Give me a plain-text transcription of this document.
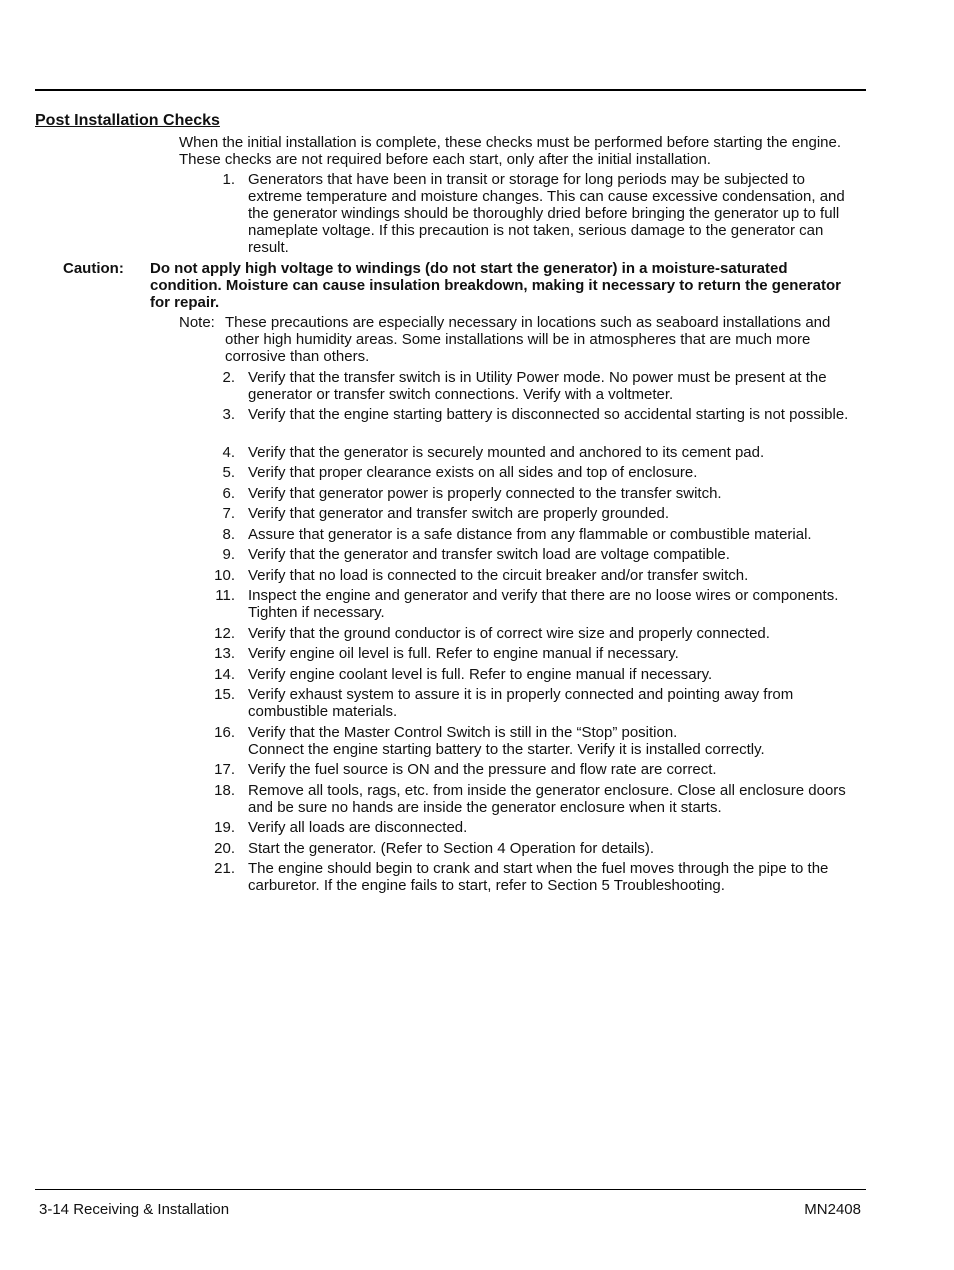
Post Installation Checks

When the initial installation is complete, these checks must be performed before starting the engine. These checks are not required before each start, only after the initial installation.

1. Generators that have been in transit or storage for long periods may be subjected to extreme temperature and moisture changes. This can cause excessive condensation, and the generator windings should be thoroughly dried before bringing the generator up to full nameplate voltage. If this precaution is not taken, serious damage to the generator can result.
Caution: Do not apply high voltage to windings (do not start the generator) in a moisture-saturated condition. Moisture can cause insulation breakdown, making it necessary to return the generator for repair.
Note: These precautions are especially necessary in locations such as seaboard installations and other high humidity areas. Some installations will be in atmospheres that are much more corrosive than others.
2. Verify that the transfer switch is in Utility Power mode. No power must be present at the generator or transfer switch connections. Verify with a voltmeter.
3. Verify that the engine starting battery is disconnected so accidental starting is not possible.
4. Verify that the generator is securely mounted and anchored to its cement pad.
5. Verify that proper clearance exists on all sides and top of enclosure.
6. Verify that generator power is properly connected to the transfer switch.
7. Verify that generator and transfer switch are properly grounded.
8. Assure that generator is a safe distance from any flammable or combustible material.
9. Verify that the generator and transfer switch load are voltage compatible.
10. Verify that no load is connected to the circuit breaker and/or transfer switch.
11. Inspect the engine and generator and verify that there are no loose wires or components. Tighten if necessary.
12. Verify that the ground conductor is of correct wire size and properly connected.
13. Verify engine oil level is full. Refer to engine manual if necessary.
14. Verify engine coolant level is full. Refer to engine manual if necessary.
15. Verify exhaust system to assure it is in properly connected and pointing away from combustible materials.
16. Verify that the Master Control Switch is still in the “Stop” position.
Connect the engine starting battery to the starter. Verify it is installed correctly.
17. Verify the fuel source is ON and the pressure and flow rate are correct.
18. Remove all tools, rags, etc. from inside the generator enclosure. Close all enclosure doors and be sure no hands are inside the generator enclosure when it starts.
19. Verify all loads are disconnected.
20. Start the generator. (Refer to Section 4 Operation for details).
21. The engine should begin to crank and start when the fuel moves through the pipe to the carburetor. If the engine fails to start, refer to Section 5 Troubleshooting.
3-14 Receiving & Installation	MN2408
